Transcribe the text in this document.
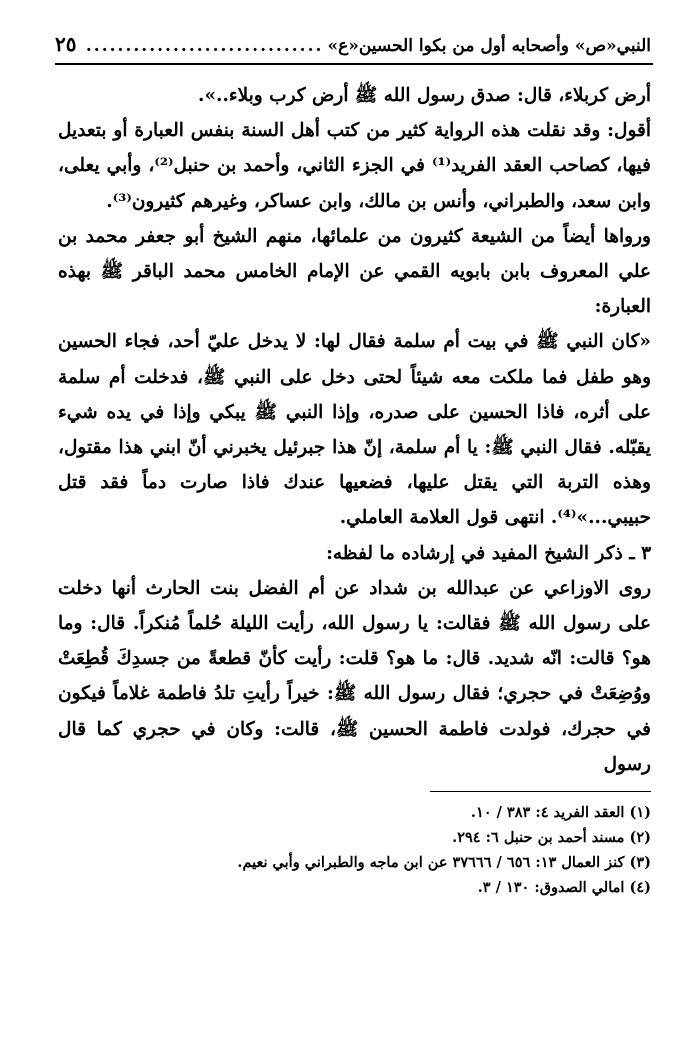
النبي«ص» وأصحابه أول من بكوا الحسين«ع»
..............................
٢٥

أرض كربلاء، قال: صدق رسول الله ﷺ أرض كرب وبلاء..».

أقول: وقد نقلت هذه الرواية كثير من كتب أهل السنة بنفس العبارة أو بتعديل فيها، كصاحب العقد الفريد⁽¹⁾ في الجزء الثاني، وأحمد بن حنبل⁽²⁾، وأبي يعلى، وابن سعد، والطبراني، وأنس بن مالك، وابن عساكر، وغيرهم كثيرون⁽³⁾.

ورواها أيضاً من الشيعة كثيرون من علمائها، منهم الشيخ أبو جعفر محمد بن علي المعروف بابن بابويه القمي عن الإمام الخامس محمد الباقر ﷺ بهذه العبارة:

«كان النبي ﷺ في بيت أم سلمة فقال لها: لا يدخل عليّ أحد، فجاء الحسين وهو طفل فما ملكت معه شيئاً لحتى دخل على النبي ﷺ، فدخلت أم سلمة على أثره، فاذا الحسين على صدره، وإذا النبي ﷺ يبكي وإذا في يده شيء يقبّله. فقال النبي ﷺ: يا أم سلمة، إنّ هذا جبرئيل يخبرني أنّ ابني هذا مقتول، وهذه التربة التي يقتل عليها، فضعيها عندك فاذا صارت دماً فقد قتل حبيبي...»⁽⁴⁾. انتهى قول العلامة العاملي.

٣ ـ ذكر الشيخ المفيد في إرشاده ما لفظه:

روى الاوزاعي عن عبدالله بن شداد عن أم الفضل بنت الحارث أنها دخلت على رسول الله ﷺ فقالت: يا رسول الله، رأيت الليلة حُلماً مُنكراً. قال: وما هو؟ قالت: انّه شديد. قال: ما هو؟ قلت: رأيت كأنّ قطعةً من جسدِكَ قُطِعَتْ ووُضِعَتْ في حجري؛ فقال رسول الله ﷺ: خيراً رأيتِ تلدُ فاطمة غلاماً فيكون في حجرك، فولدت فاطمة الحسين ﷺ، قالت: وكان في حجري كما قال رسول

(١) العقد الفريد ٤: ٣٨٣ / ١٠.
(٢) مسند أحمد بن حنبل ٦: ٢٩٤.
(٣) كنز العمال ١٣: ٦٥٦ / ٣٧٦٦٦ عن ابن ماجه والطبراني وأبي نعيم.
(٤) امالي الصدوق: ١٣٠ / ٣.
